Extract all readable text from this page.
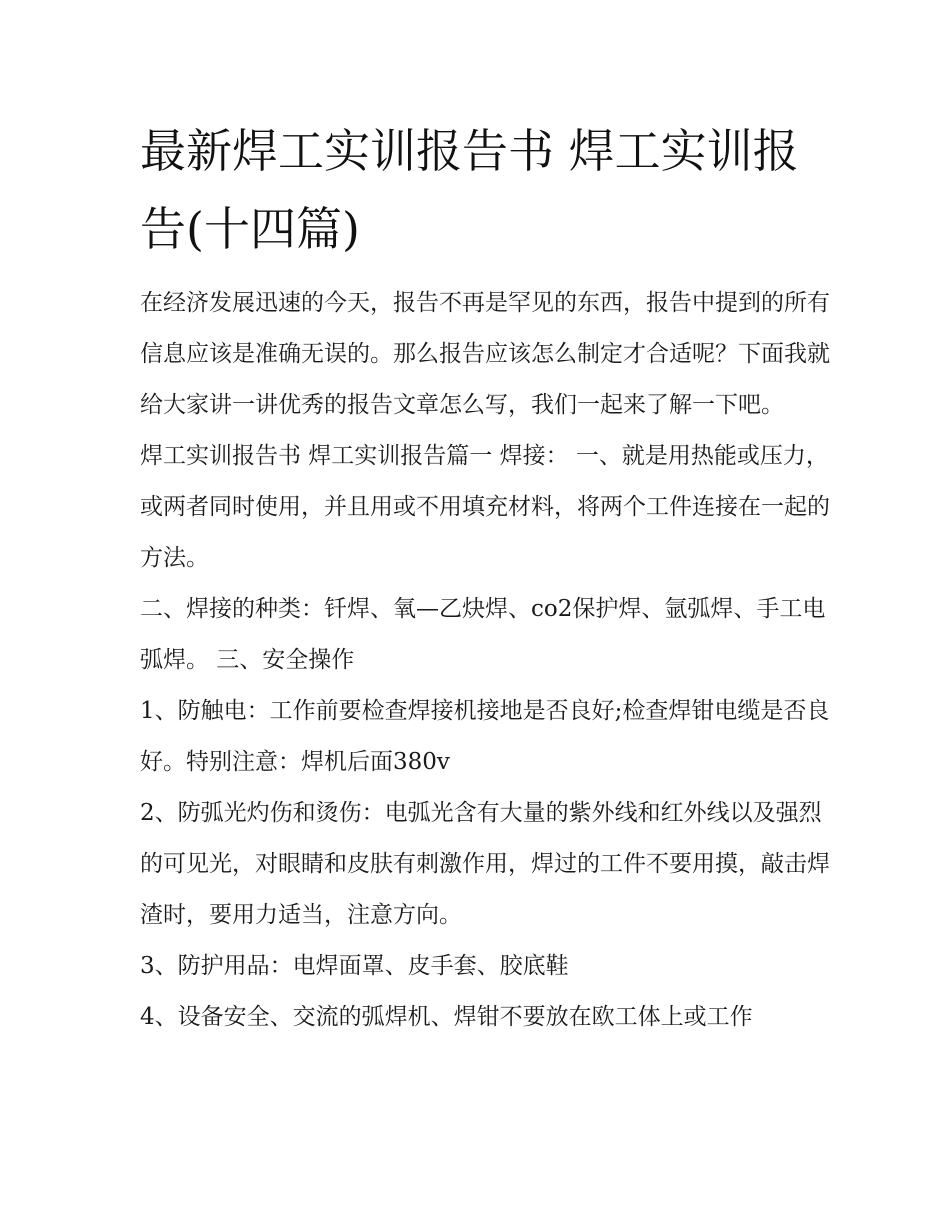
最新焊工实训报告书 焊工实训报告(十四篇)

在经济发展迅速的今天，报告不再是罕见的东西，报告中提到的所有信息应该是准确无误的。那么报告应该怎么制定才合适呢？下面我就给大家讲一讲优秀的报告文章怎么写，我们一起来了解一下吧。

焊工实训报告书 焊工实训报告篇一 焊接： 一、就是用热能或压力，或两者同时使用，并且用或不用填充材料，将两个工件连接在一起的方法。

二、焊接的种类：钎焊、氧—乙炔焊、co2保护焊、氩弧焊、手工电弧焊。 三、安全操作

1、防触电：工作前要检查焊接机接地是否良好;检查焊钳电缆是否良好。特别注意：焊机后面380v

2、防弧光灼伤和烫伤：电弧光含有大量的紫外线和红外线以及强烈的可见光，对眼睛和皮肤有刺激作用，焊过的工件不要用摸，敲击焊渣时，要用力适当，注意方向。

3、防护用品：电焊面罩、皮手套、胶底鞋

4、设备安全、交流的弧焊机、焊钳不要放在欧工体上或工作
